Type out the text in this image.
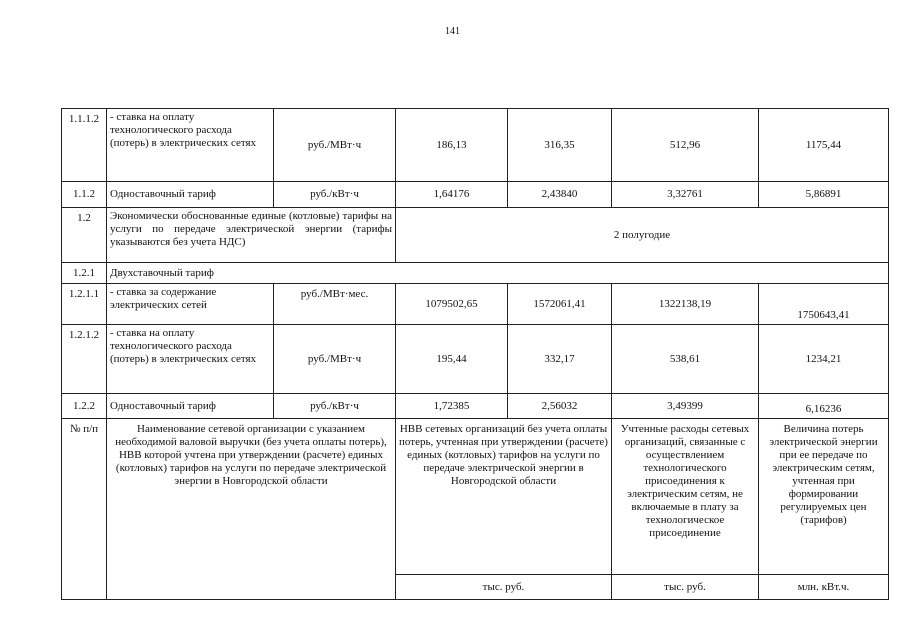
141
1.1.1.2	- ставка на оплату технологического расхода (потерь) в электрических сетях	руб./МВт·ч	186,13	316,35	512,96	1175,44
1.1.2	Одноставочный тариф	руб./кВт·ч	1,64176	2,43840	3,32761	5,86891
1.2	Экономически обоснованные единые (котловые) тарифы на услуги по передаче электрической энергии (тарифы указываются без учета НДС)		2 полугодие			
1.2.1	Двухставочный тариф					
1.2.1.1	- ставка за содержание электрических сетей	руб./МВт·мес.	1079502,65	1572061,41	1322138,19	1750643,41
1.2.1.2	- ставка на оплату технологического расхода (потерь) в электрических сетях	руб./МВт·ч	195,44	332,17	538,61	1234,21
1.2.2	Одноставочный тариф	руб./кВт·ч	1,72385	2,56032	3,49399	6,16236
№ п/п	Наименование сетевой организации с указанием необходимой валовой выручки (без учета оплаты потерь), НВВ которой учтена при утверждении (расчете) единых (котловых) тарифов на услуги по передаче электрической энергии в Новгородской области		НВВ сетевых организаций без учета оплаты потерь, учтенная при утверждении (расчете) единых (котловых) тарифов на услуги по передаче электрической энергии в Новгородской области		Учтенные расходы сетевых организаций, связанные с осуществлением технологического присоединения к электрическим сетям, не включаемые в плату за технологическое присоединение	Величина потерь электрической энергии при ее передаче по электрическим сетям, учтенная при формировании регулируемых цен (тарифов)
			тыс. руб.		тыс. руб.	млн. кВт.ч.
